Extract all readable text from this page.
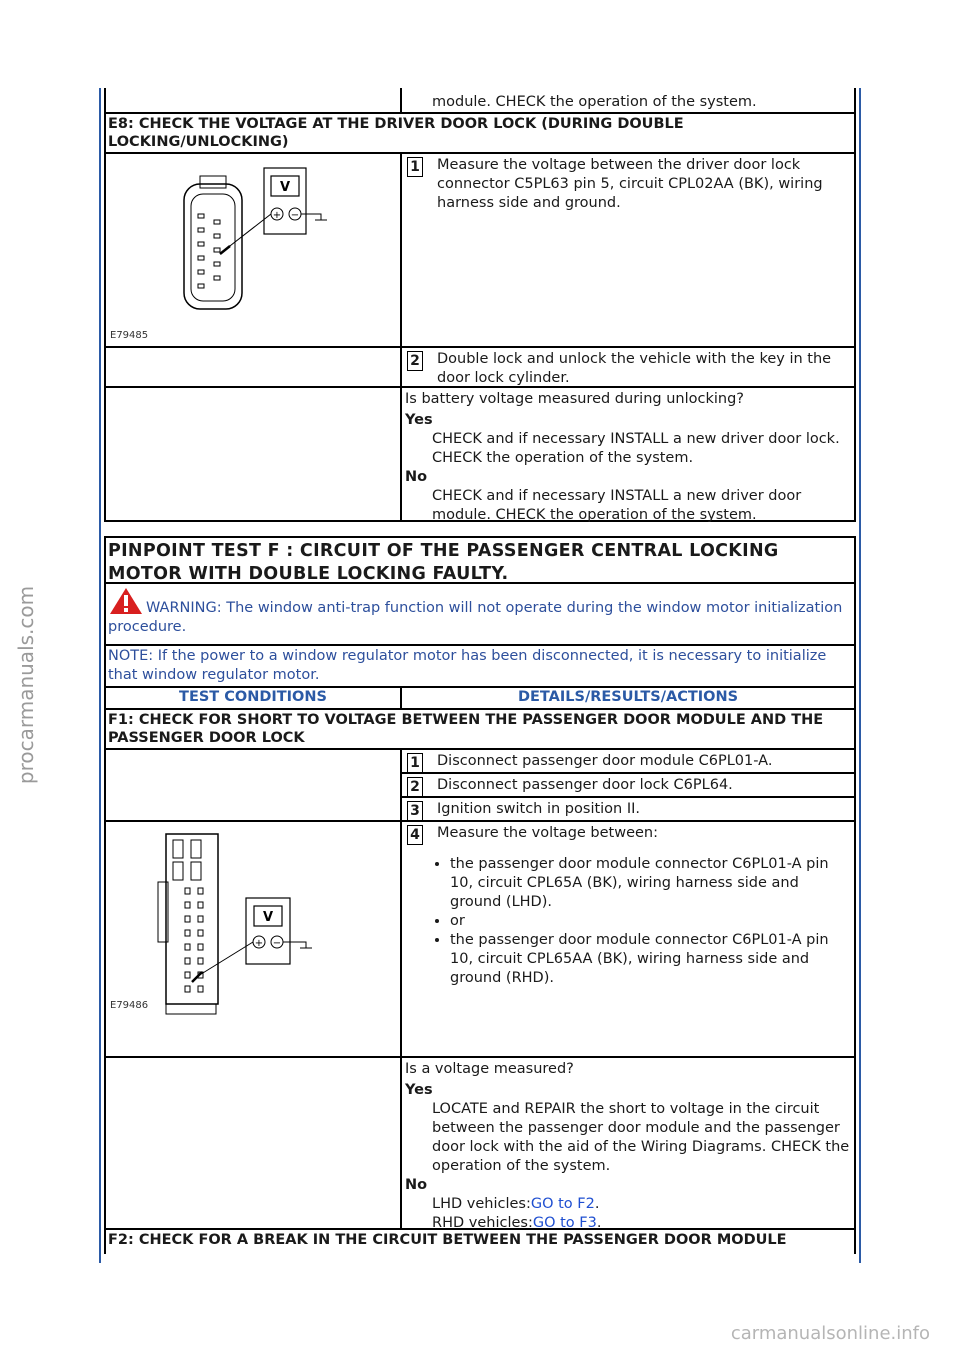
procarmanuals.com
carmanualsonline.info
module. CHECK the operation of the system.
E8: CHECK THE VOLTAGE AT THE DRIVER DOOR LOCK (DURING DOUBLE LOCKING/UNLOCKING)
V
+ −
E79485
1 Measure the voltage between the driver door lock connector C5PL63 pin 5, circuit CPL02AA (BK), wiring harness side and ground.
2 Double lock and unlock the vehicle with the key in the door lock cylinder.
Is battery voltage measured during unlocking?
Yes
CHECK and if necessary INSTALL a new driver door lock. CHECK the operation of the system.
No
CHECK and if necessary INSTALL a new driver door module. CHECK the operation of the system.
PINPOINT TEST F : CIRCUIT OF THE PASSENGER CENTRAL LOCKING MOTOR WITH DOUBLE LOCKING FAULTY.
WARNING: The window anti-trap function will not operate during the window motor initialization procedure.
NOTE: If the power to a window regulator motor has been disconnected, it is necessary to initialize that window regulator motor.
TEST CONDITIONS	DETAILS/RESULTS/ACTIONS
F1: CHECK FOR SHORT TO VOLTAGE BETWEEN THE PASSENGER DOOR MODULE AND THE PASSENGER DOOR LOCK
1 Disconnect passenger door module C6PL01-A.
2 Disconnect passenger door lock C6PL64.
3 Ignition switch in position II.
V
+ −
E79486
4 Measure the voltage between:
• the passenger door module connector C6PL01-A pin 10, circuit CPL65A (BK), wiring harness side and ground (LHD).
• or
• the passenger door module connector C6PL01-A pin 10, circuit CPL65AA (BK), wiring harness side and ground (RHD).
Is a voltage measured?
Yes
LOCATE and REPAIR the short to voltage in the circuit between the passenger door module and the passenger door lock with the aid of the Wiring Diagrams. CHECK the operation of the system.
No
LHD vehicles:GO to F2.
RHD vehicles:GO to F3.
F2: CHECK FOR A BREAK IN THE CIRCUIT BETWEEN THE PASSENGER DOOR MODULE
